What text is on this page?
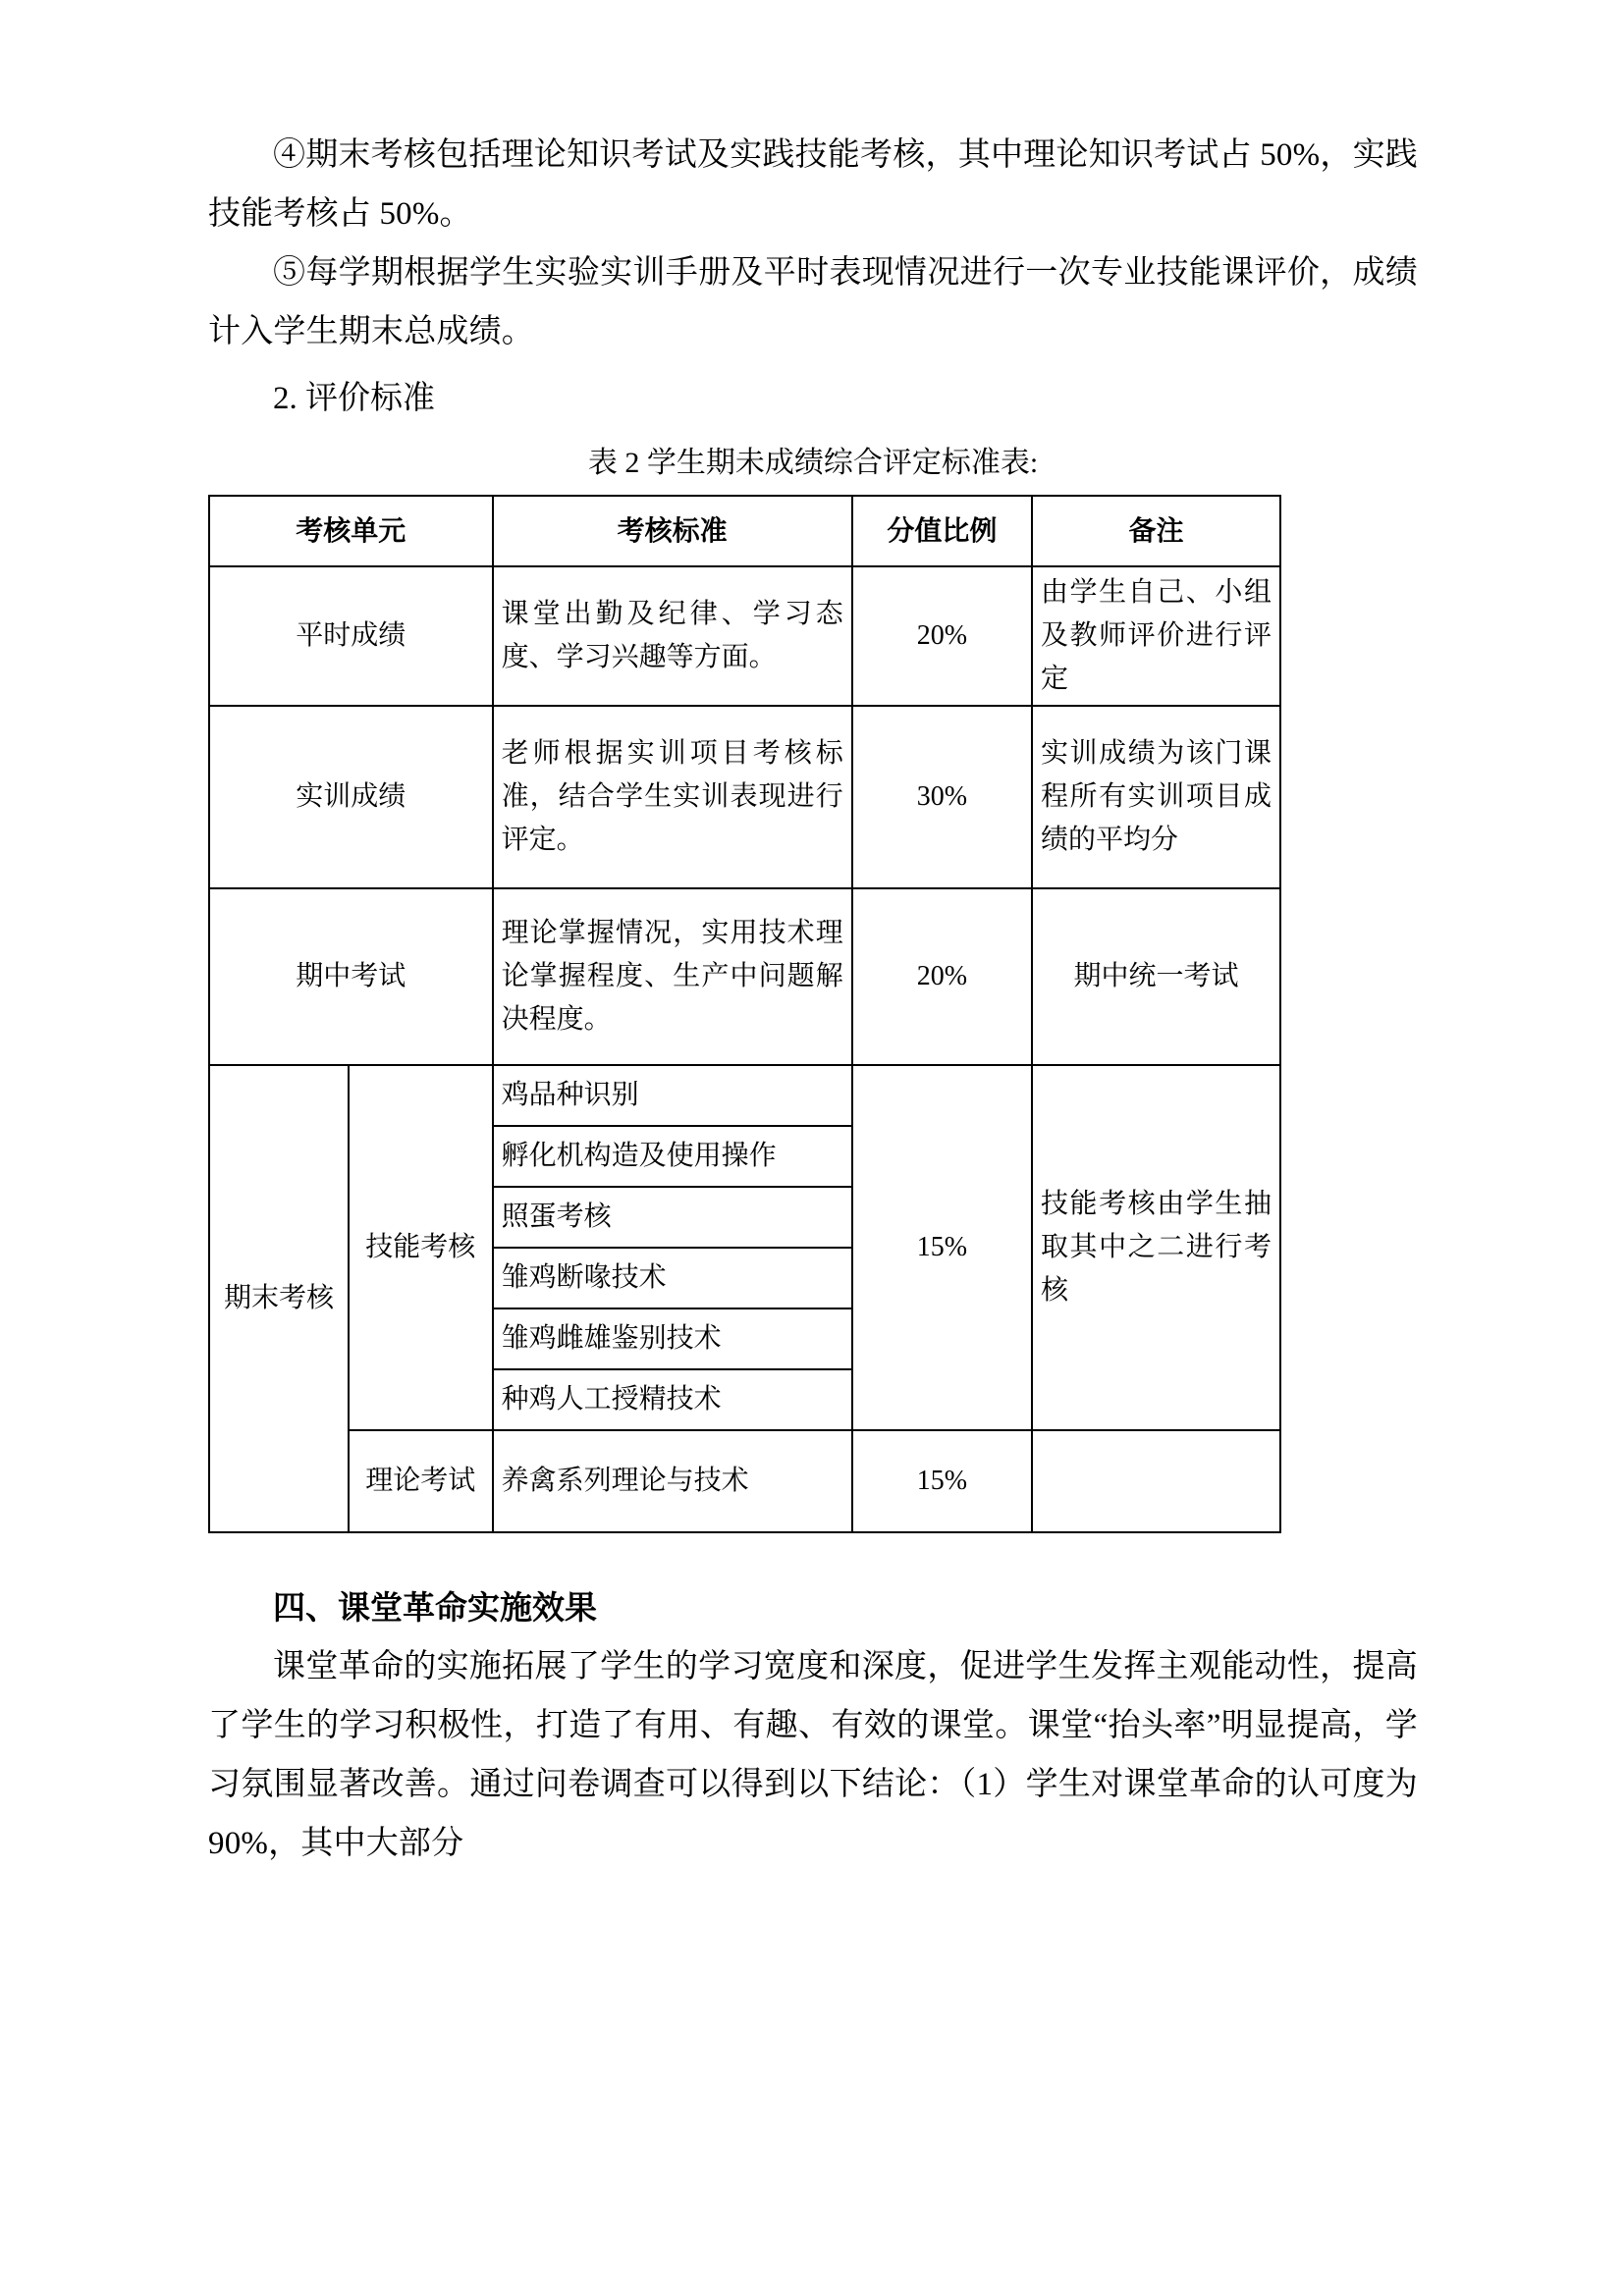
④期末考核包括理论知识考试及实践技能考核，其中理论知识考试占 50%，实践技能考核占 50%。

⑤每学期根据学生实验实训手册及平时表现情况进行一次专业技能课评价，成绩计入学生期末总成绩。

2. 评价标准

表 2 学生期未成绩综合评定标准表:
考核单元		考核标准	分值比例	备注
平时成绩		课堂出勤及纪律、学习态度、学习兴趣等方面。	20%	由学生自己、小组及教师评价进行评定
实训成绩		老师根据实训项目考核标准，结合学生实训表现进行评定。	30%	实训成绩为该门课程所有实训项目成绩的平均分
期中考试		理论掌握情况，实用技术理论掌握程度、生产中问题解决程度。	20%	期中统一考试
期末考核	技能考核	鸡品种识别	15%	技能考核由学生抽取其中之二进行考核
		孵化机构造及使用操作		
		照蛋考核		
		雏鸡断喙技术		
		雏鸡雌雄鉴别技术		
		种鸡人工授精技术		
	理论考试	养禽系列理论与技术	15%	
四、课堂革命实施效果

课堂革命的实施拓展了学生的学习宽度和深度，促进学生发挥主观能动性，提高了学生的学习积极性，打造了有用、有趣、有效的课堂。课堂“抬头率”明显提高，学习氛围显著改善。通过问卷调查可以得到以下结论：（1）学生对课堂革命的认可度为90%，其中大部分
